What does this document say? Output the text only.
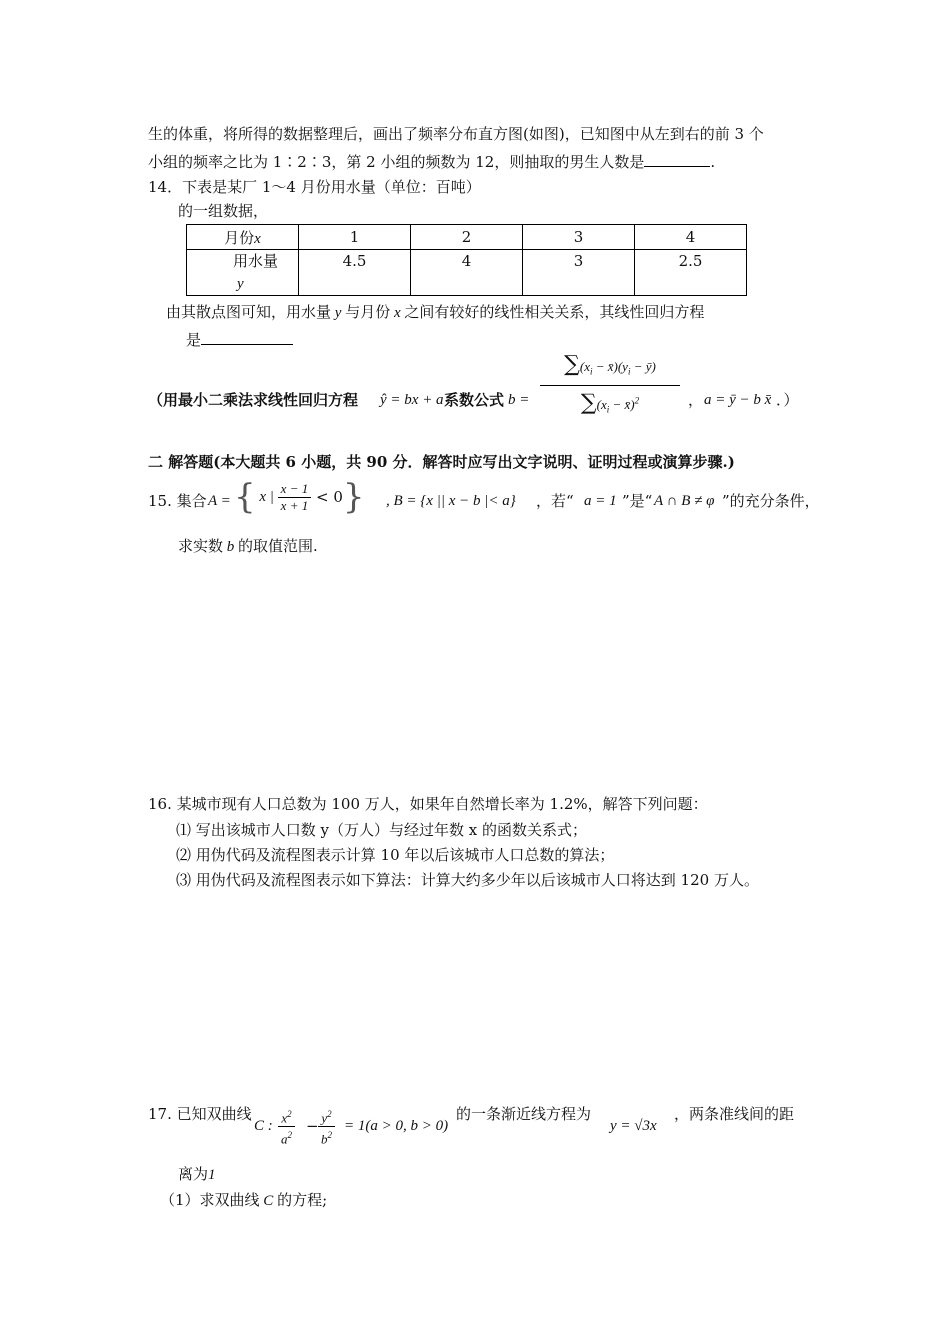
生的体重，将所得的数据整理后，画出了频率分布直方图(如图)，已知图中从左到右的前 3 个
小组的频率之比为 1∶2∶3，第 2 小组的频数为 12，则抽取的男生人数是	.
14．下表是某厂 1～4 月份用水量（单位：百吨）
的一组数据，
月份x	1	2	3	4
用水量
y	4.5	4	3	2.5
由其散点图可知，用水量 y 与月份 x 之间有较好的线性相关关系，其线性回归方程
是
（用最小二乘法求线性回归方程 ŷ = bx + a 系数公式 b =
$\sum(x_i$ − $x̄)(y_i$ − ȳ)
$\sum(x_i$ − x̄)$^2$	， a = ȳ − b x̄ ．）
二 解答题(本大题共 6 小题，共 90 分．解答时应写出文字说明、证明过程或演算步骤.)
15. 集合 A = { x | $\frac{x - 1}{x + 1} < 0$} , B = {x || x − b |< a} ，若“ a = 1 ”是“ A ∩ B ≠ φ ”的充分条件，
求实数 b 的取值范围.
16. 某城市现有人口总数为 100 万人，如果年自然增长率为 1.2%，解答下列问题：
⑴ 写出该城市人口数 y（万人）与经过年数 x 的函数关系式；
⑵ 用伪代码及流程图表示计算 10 年以后该城市人口总数的算法；
⑶ 用伪代码及流程图表示如下算法：计算大约多少年以后该城市人口将达到 120 万人。
17. 已知双曲线
C : $\frac{x^2}{a^2} - \frac{y^2}{b^2} = 1(a > 0$, b > 0)
的一条渐近线方程为
y = √3x
，两条准线间的距
离为1
（1）求双曲线 C 的方程;
